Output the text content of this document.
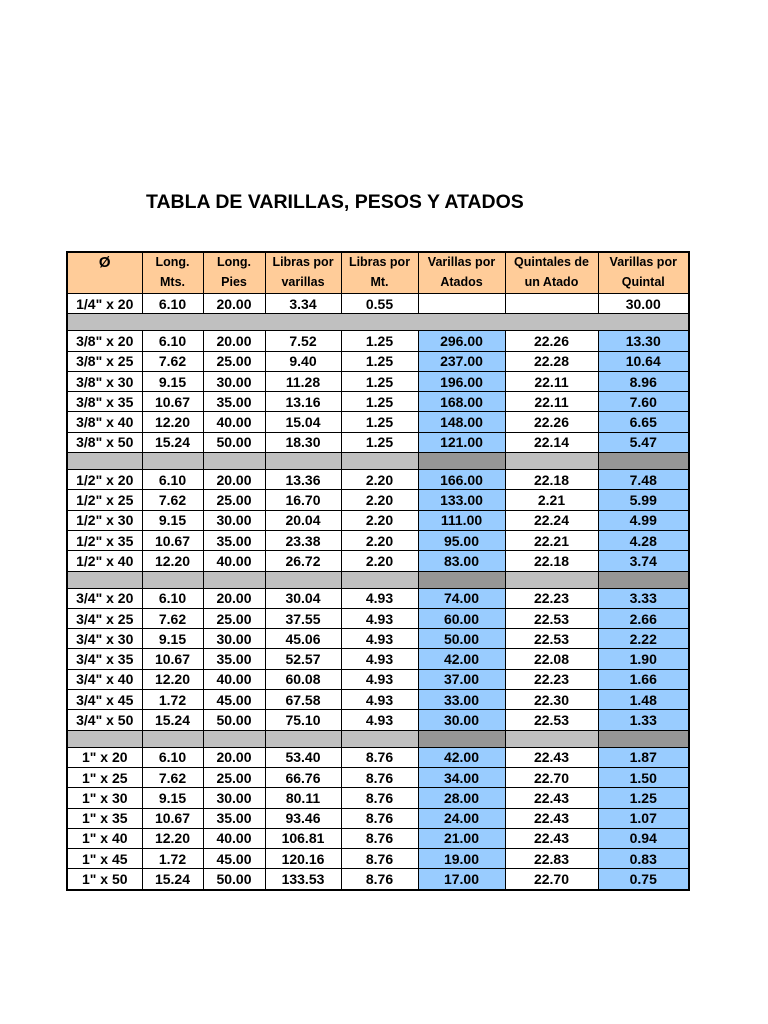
TABLA DE VARILLAS, PESOS Y ATADOS
Ø	Long.	Long.	Libras por	Libras por	Varillas por	Quintales de	Varillas por
	Mts.	Pies	varillas	Mt.	Atados	un Atado	Quintal
1/4" x 20	6.10	20.00	3.34	0.55			30.00

3/8" x 20	6.10	20.00	7.52	1.25	296.00	22.26	13.30
3/8" x 25	7.62	25.00	9.40	1.25	237.00	22.28	10.64
3/8" x 30	9.15	30.00	11.28	1.25	196.00	22.11	8.96
3/8" x 35	10.67	35.00	13.16	1.25	168.00	22.11	7.60
3/8" x 40	12.20	40.00	15.04	1.25	148.00	22.26	6.65
3/8" x 50	15.24	50.00	18.30	1.25	121.00	22.14	5.47

1/2" x 20	6.10	20.00	13.36	2.20	166.00	22.18	7.48
1/2" x 25	7.62	25.00	16.70	2.20	133.00	2.21	5.99
1/2" x 30	9.15	30.00	20.04	2.20	111.00	22.24	4.99
1/2" x 35	10.67	35.00	23.38	2.20	95.00	22.21	4.28
1/2" x 40	12.20	40.00	26.72	2.20	83.00	22.18	3.74

3/4" x 20	6.10	20.00	30.04	4.93	74.00	22.23	3.33
3/4" x 25	7.62	25.00	37.55	4.93	60.00	22.53	2.66
3/4" x 30	9.15	30.00	45.06	4.93	50.00	22.53	2.22
3/4" x 35	10.67	35.00	52.57	4.93	42.00	22.08	1.90
3/4" x 40	12.20	40.00	60.08	4.93	37.00	22.23	1.66
3/4" x 45	1.72	45.00	67.58	4.93	33.00	22.30	1.48
3/4" x 50	15.24	50.00	75.10	4.93	30.00	22.53	1.33

1" x 20	6.10	20.00	53.40	8.76	42.00	22.43	1.87
1" x 25	7.62	25.00	66.76	8.76	34.00	22.70	1.50
1" x 30	9.15	30.00	80.11	8.76	28.00	22.43	1.25
1" x 35	10.67	35.00	93.46	8.76	24.00	22.43	1.07
1" x 40	12.20	40.00	106.81	8.76	21.00	22.43	0.94
1" x 45	1.72	45.00	120.16	8.76	19.00	22.83	0.83
1" x 50	15.24	50.00	133.53	8.76	17.00	22.70	0.75
